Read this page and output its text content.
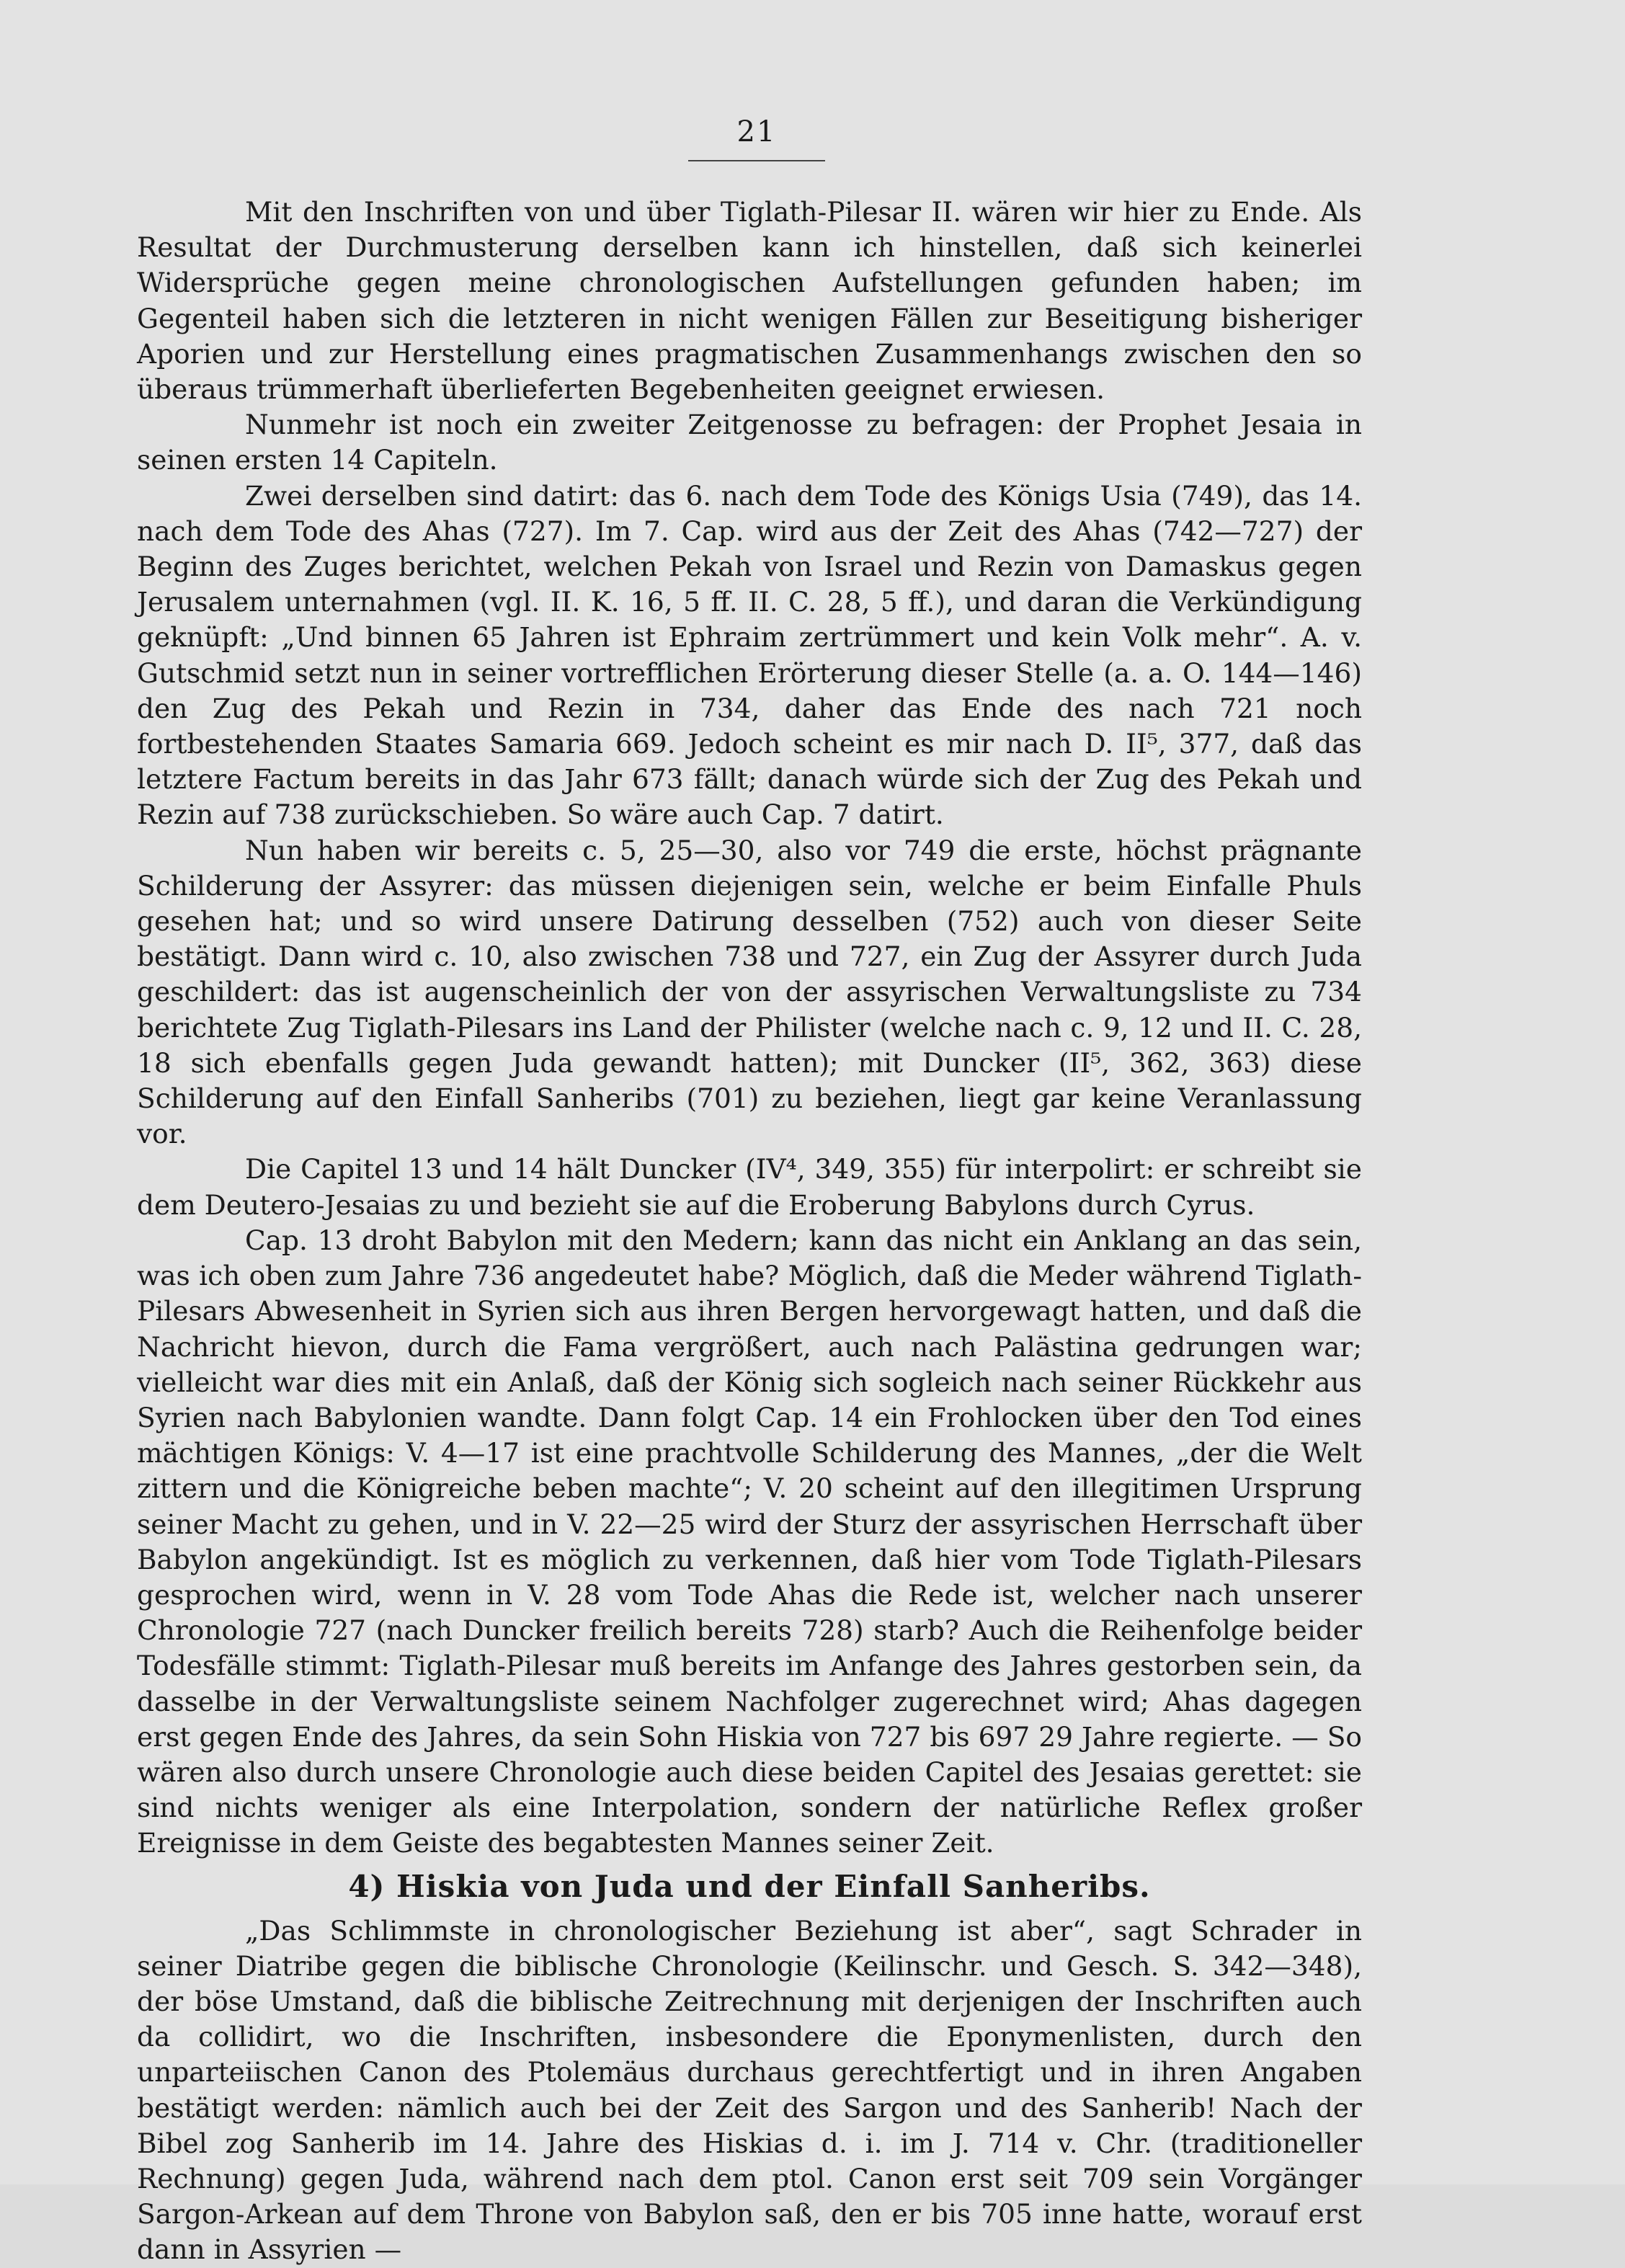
21

Mit den Inschriften von und über Tiglath-Pilesar II. wären wir hier zu Ende. Als Resultat der Durchmusterung derselben kann ich hinstellen, daß sich keinerlei Widersprüche gegen meine chronologischen Aufstellungen gefunden haben; im Gegenteil haben sich die letzteren in nicht wenigen Fällen zur Beseitigung bisheriger Aporien und zur Herstellung eines pragmatischen Zusammenhangs zwischen den so überaus trümmerhaft überlieferten Begebenheiten geeignet erwiesen.

Nunmehr ist noch ein zweiter Zeitgenosse zu befragen: der Prophet Jesaia in seinen ersten 14 Capiteln.

Zwei derselben sind datirt: das 6. nach dem Tode des Königs Usia (749), das 14. nach dem Tode des Ahas (727). Im 7. Cap. wird aus der Zeit des Ahas (742—727) der Beginn des Zuges berichtet, welchen Pekah von Israel und Rezin von Damaskus gegen Jerusalem unternahmen (vgl. II. K. 16, 5 ff. II. C. 28, 5 ff.), und daran die Verkündigung geknüpft: „Und binnen 65 Jahren ist Ephraim zertrümmert und kein Volk mehr“. A. v. Gutschmid setzt nun in seiner vortrefflichen Erörterung dieser Stelle (a. a. O. 144—146) den Zug des Pekah und Rezin in 734, daher das Ende des nach 721 noch fortbestehenden Staates Samaria 669. Jedoch scheint es mir nach D. II⁵, 377, daß das letztere Factum bereits in das Jahr 673 fällt; danach würde sich der Zug des Pekah und Rezin auf 738 zurückschieben. So wäre auch Cap. 7 datirt.

Nun haben wir bereits c. 5, 25—30, also vor 749 die erste, höchst prägnante Schilderung der Assyrer: das müssen diejenigen sein, welche er beim Einfalle Phuls gesehen hat; und so wird unsere Datirung desselben (752) auch von dieser Seite bestätigt. Dann wird c. 10, also zwischen 738 und 727, ein Zug der Assyrer durch Juda geschildert: das ist augenscheinlich der von der assyrischen Verwaltungsliste zu 734 berichtete Zug Tiglath-Pilesars ins Land der Philister (welche nach c. 9, 12 und II. C. 28, 18 sich ebenfalls gegen Juda gewandt hatten); mit Duncker (II⁵, 362, 363) diese Schilderung auf den Einfall Sanheribs (701) zu beziehen, liegt gar keine Veranlassung vor.

Die Capitel 13 und 14 hält Duncker (IV⁴, 349, 355) für interpolirt: er schreibt sie dem Deutero-Jesaias zu und bezieht sie auf die Eroberung Babylons durch Cyrus.

Cap. 13 droht Babylon mit den Medern; kann das nicht ein Anklang an das sein, was ich oben zum Jahre 736 angedeutet habe? Möglich, daß die Meder während Tiglath-Pilesars Abwesenheit in Syrien sich aus ihren Bergen hervorgewagt hatten, und daß die Nachricht hievon, durch die Fama vergrößert, auch nach Palästina gedrungen war; vielleicht war dies mit ein Anlaß, daß der König sich sogleich nach seiner Rückkehr aus Syrien nach Babylonien wandte. Dann folgt Cap. 14 ein Frohlocken über den Tod eines mächtigen Königs: V. 4—17 ist eine prachtvolle Schilderung des Mannes, „der die Welt zittern und die Königreiche beben machte“; V. 20 scheint auf den illegitimen Ursprung seiner Macht zu gehen, und in V. 22—25 wird der Sturz der assyrischen Herrschaft über Babylon angekündigt. Ist es möglich zu verkennen, daß hier vom Tode Tiglath-Pilesars gesprochen wird, wenn in V. 28 vom Tode Ahas die Rede ist, welcher nach unserer Chronologie 727 (nach Duncker freilich bereits 728) starb? Auch die Reihenfolge beider Todesfälle stimmt: Tiglath-Pilesar muß bereits im Anfange des Jahres gestorben sein, da dasselbe in der Verwaltungsliste seinem Nachfolger zugerechnet wird; Ahas dagegen erst gegen Ende des Jahres, da sein Sohn Hiskia von 727 bis 697 29 Jahre regierte. — So wären also durch unsere Chronologie auch diese beiden Capitel des Jesaias gerettet: sie sind nichts weniger als eine Interpolation, sondern der natürliche Reflex großer Ereignisse in dem Geiste des begabtesten Mannes seiner Zeit.

4) Hiskia von Juda und der Einfall Sanheribs.

„Das Schlimmste in chronologischer Beziehung ist aber“, sagt Schrader in seiner Diatribe gegen die biblische Chronologie (Keilinschr. und Gesch. S. 342—348), der böse Umstand, daß die biblische Zeitrechnung mit derjenigen der Inschriften auch da collidirt, wo die Inschriften, insbesondere die Eponymenlisten, durch den unparteiischen Canon des Ptolemäus durchaus gerechtfertigt und in ihren Angaben bestätigt werden: nämlich auch bei der Zeit des Sargon und des Sanherib! Nach der Bibel zog Sanherib im 14. Jahre des Hiskias d. i. im J. 714 v. Chr. (traditioneller Rechnung) gegen Juda, während nach dem ptol. Canon erst seit 709 sein Vorgänger Sargon-Arkean auf dem Throne von Babylon saß, den er bis 705 inne hatte, worauf erst dann in Assyrien —
